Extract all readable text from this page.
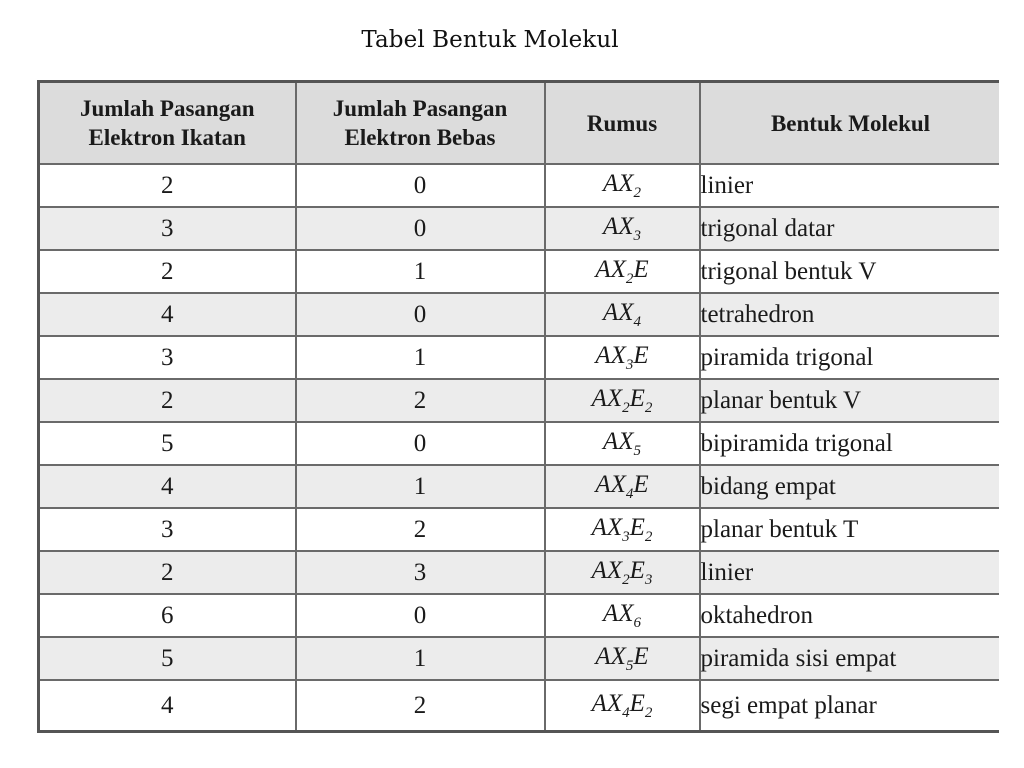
Tabel Bentuk Molekul
Jumlah Pasangan Elektron Ikatan	Jumlah Pasangan Elektron Bebas	Rumus	Bentuk Molekul
2	0	$AX_2$	linier
3	0	$AX_3$	trigonal datar
2	1	$AX_2E$	trigonal bentuk V
4	0	$AX_4$	tetrahedron
3	1	$AX_3E$	piramida trigonal
2	2	$AX_2E_2$	planar bentuk V
5	0	$AX_5$	bipiramida trigonal
4	1	$AX_4E$	bidang empat
3	2	$AX_3E_2$	planar bentuk T
2	3	$AX_2E_3$	linier
6	0	$AX_6$	oktahedron
5	1	$AX_5E$	piramida sisi empat
4	2	$AX_4E_2$	segi empat planar
